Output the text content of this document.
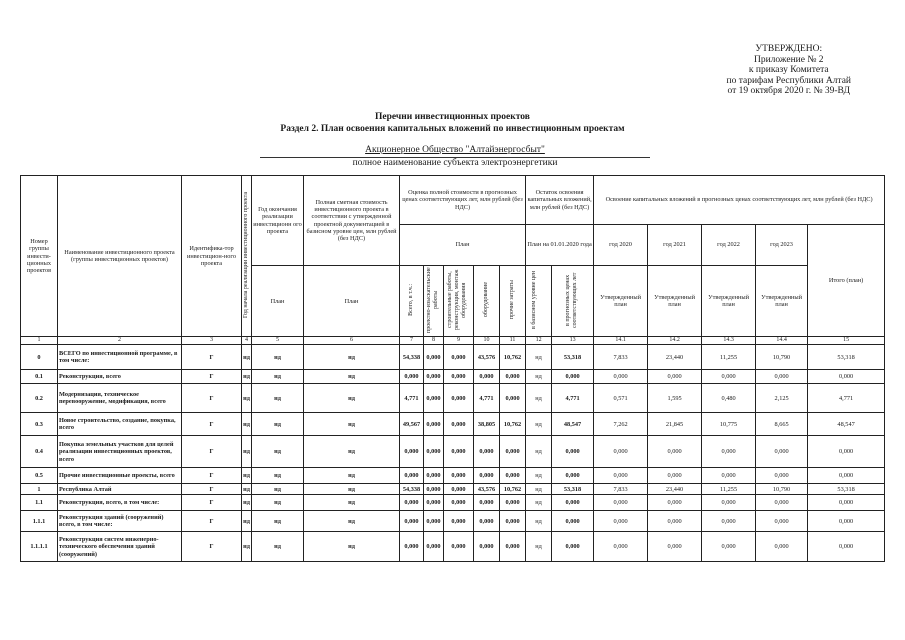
УТВЕРЖДЕНО:
Приложение № 2
к приказу Комитета
по тарифам Республики Алтай
от 19 октября 2020 г. № 39-ВД
Перечни инвестиционных проектов
Раздел 2. План освоения капитальных вложений по инвестиционным проектам
Акционерное Общество "Алтайэнергосбыт"
полное наименование субъекта электроэнергетики
Номер группы инвести-ционных проектов	Наименование инвестиционного проекта (группы инвестиционных проектов)	Идентифика-тор инвестицион-ного проекта	Год начала реализации инвестиционного проекта	Год окончания реализации инвестиционн ого проекта	Полная сметная стоимость инвестиционного проекта в соответствии с утвержденной проектной документацией в базисном уровне цен, млн рублей (без НДС)	Оценка полной стоимости в прогнозных ценах соответствующих лет, млн рублей (без НДС)					Остаток освоения капитальных вложений, млн рублей (без НДС)		Освоение капитальных вложений в прогнозных ценах соответствующих лет, млн рублей (без НДС)				
						План					План на 01.01.2020 года		год 2020	год 2021	год 2022	год 2023	Итого (план)
				План	План	Всего, в т.ч.:	проектно-изыскательские работы	строительные работы, реконструкция, монтаж оборудования	оборудование	прочие затраты	в базисном уровне цен	в прогнозных ценах соответствующих лет	Утвержденный план	Утвержденный план	Утвержденный план	Утвержденный план	
1	2	3	4	5	6	7	8	9	10	11	12	13	14.1	14.2	14.3	14.4	15
0	ВСЕГО по инвестиционной программе, в том числе:	Г	нд	нд	нд	54,338	0,000	0,000	43,576	10,762	нд	53,318	7,833	23,440	11,255	10,790	53,318
0.1	Реконструкция, всего	Г	нд	нд	нд	0,000	0,000	0,000	0,000	0,000	нд	0,000	0,000	0,000	0,000	0,000	0,000
0.2	Модернизация, техническое перевооружение, модификация, всего	Г	нд	нд	нд	4,771	0,000	0,000	4,771	0,000	нд	4,771	0,571	1,595	0,480	2,125	4,771
0.3	Новое строительство, создание, покупка, всего	Г	нд	нд	нд	49,567	0,000	0,000	38,805	10,762	нд	48,547	7,262	21,845	10,775	8,665	48,547
0.4	Покупка земельных участков для целей реализации инвестиционных проектов, всего	Г	нд	нд	нд	0,000	0,000	0,000	0,000	0,000	нд	0,000	0,000	0,000	0,000	0,000	0,000
0.5	Прочие инвестиционные проекты, всего	Г	нд	нд	нд	0,000	0,000	0,000	0,000	0,000	нд	0,000	0,000	0,000	0,000	0,000	0,000
1	Республика Алтай	Г	нд	нд	нд	54,338	0,000	0,000	43,576	10,762	нд	53,318	7,833	23,440	11,255	10,790	53,318
1.1	Реконструкция, всего, в том числе:	Г	нд	нд	нд	0,000	0,000	0,000	0,000	0,000	нд	0,000	0,000	0,000	0,000	0,000	0,000
1.1.1	Реконструкция зданий (сооружений) всего, в том числе:	Г	нд	нд	нд	0,000	0,000	0,000	0,000	0,000	нд	0,000	0,000	0,000	0,000	0,000	0,000
1.1.1.1	Реконструкция систем инженерно-технического обеспечения зданий (сооружений)	Г	нд	нд	нд	0,000	0,000	0,000	0,000	0,000	нд	0,000	0,000	0,000	0,000	0,000	0,000
